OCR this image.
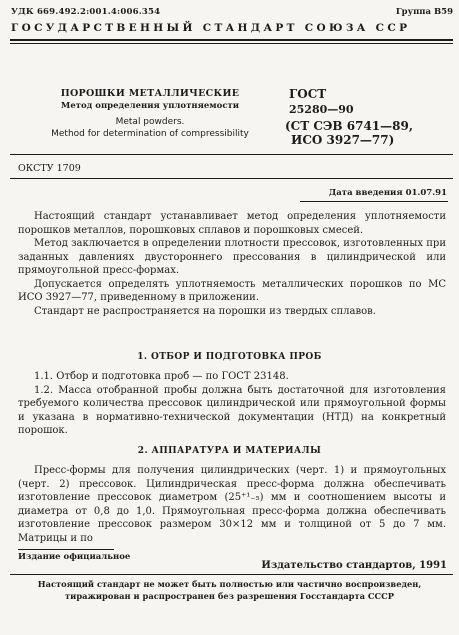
УДК 669.492.2:001.4:006.354	Группа В59
ГОСУДАРСТВЕННЫЙ СТАНДАРТ СОЮЗА ССР
ПОРОШКИ МЕТАЛЛИЧЕСКИЕ
Метод определения уплотняемости
Metal powders.
Method for determination of compressibility
ГОСТ
25280—90
(СТ СЭВ 6741—89,
ИСО 3927—77)
ОКСТУ 1709
Дата введения 01.07.91

Настоящий стандарт устанавливает метод определения уплотняемости порошков металлов, порошковых сплавов и порошковых смесей.

Метод заключается в определении плотности прессовок, изготовленных при заданных давлениях двустороннего прессования в цилиндрической или прямоугольной пресс-формах.

Допускается определять уплотняемость металлических порошков по МС ИСО 3927—77, приведенному в приложении.

Стандарт не распространяется на порошки из твердых сплавов.

1. ОТБОР И ПОДГОТОВКА ПРОБ

1.1. Отбор и подготовка проб — по ГОСТ 23148.

1.2. Масса отобранной пробы должна быть достаточной для изготовления требуемого количества прессовок цилиндрической или прямоугольной формы и указана в нормативно-технической документации (НТД) на конкретный порошок.

2. АППАРАТУРА И МАТЕРИАЛЫ

Пресс-формы для получения цилиндрических (черт. 1) и прямоугольных (черт. 2) прессовок. Цилиндрическая пресс-форма должна обеспечивать изготовление прессовок диаметром (25⁺¹₋₅) мм и соотношением высоты и диаметра от 0,8 до 1,0. Прямоугольная пресс-форма должна обеспечивать изготовление прессовок размером 30×12 мм и толщиной от 5 до 7 мм. Матрицы и по

Издание официальное
Издательство стандартов, 1991
Настоящий стандарт не может быть полностью или частично воспроизведен,
тиражирован и распространен без разрешения Госстандарта СССР
